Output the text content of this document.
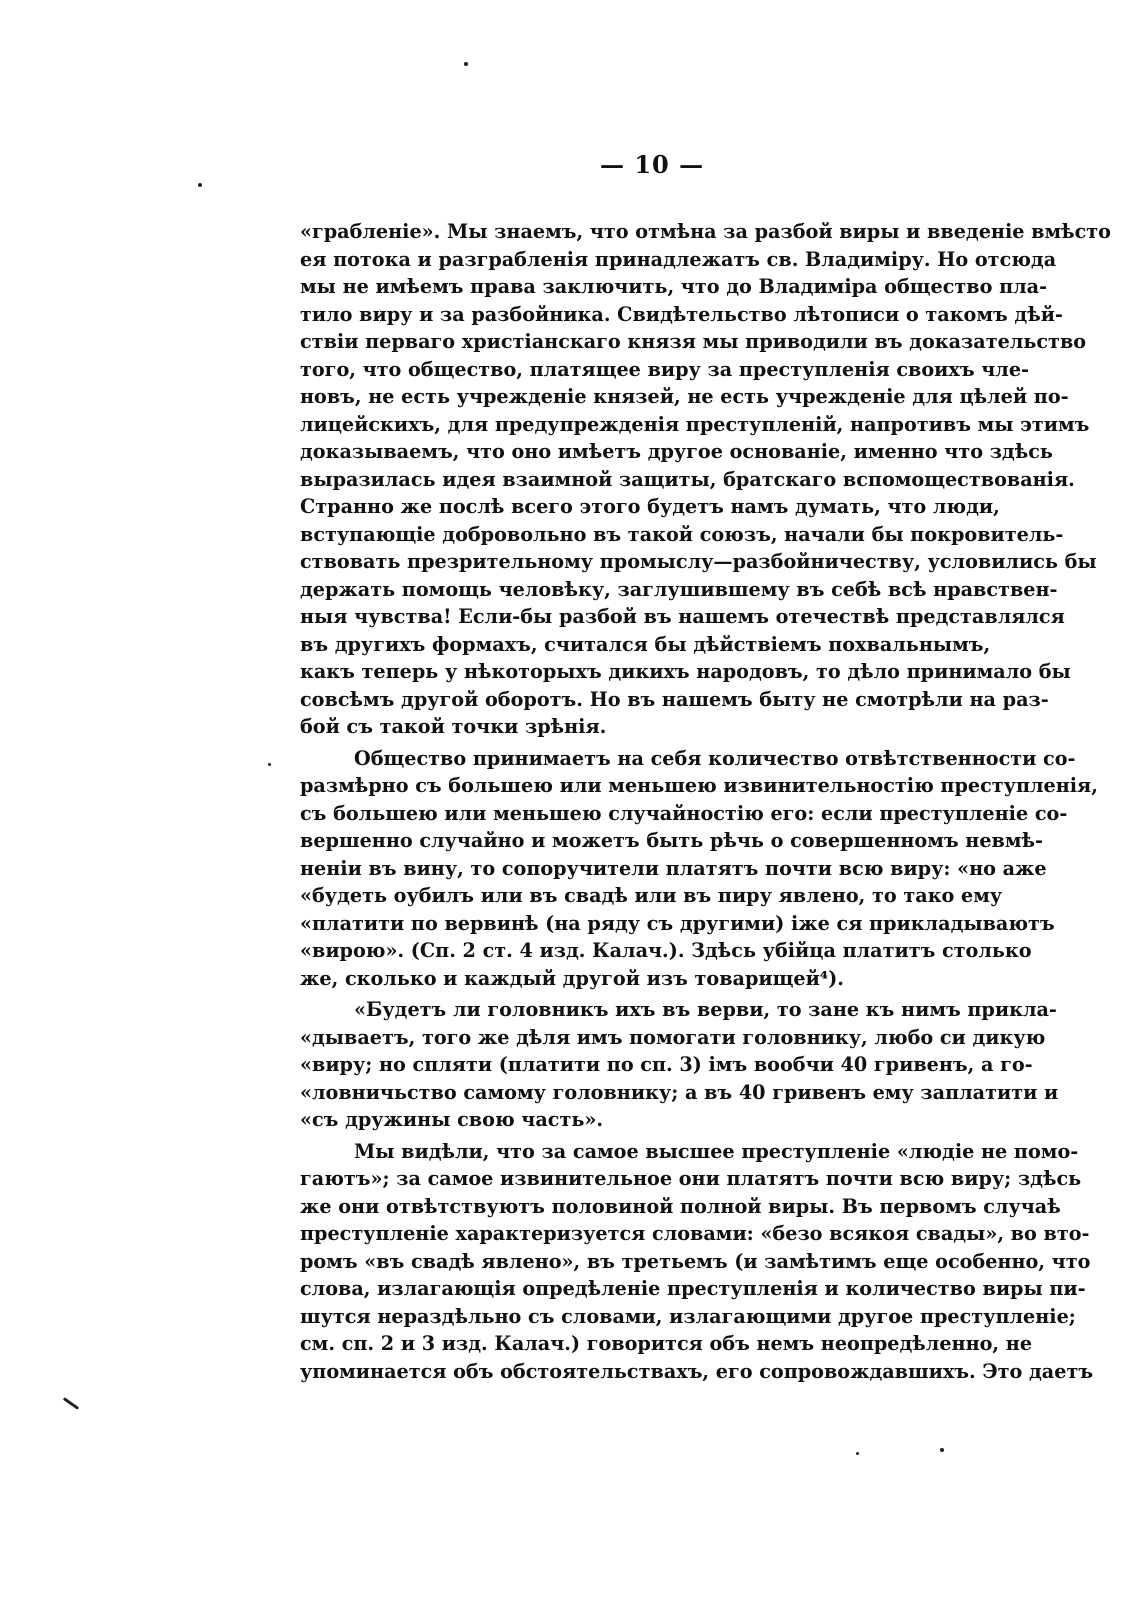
— 10 —
«грабленіе». Мы знаемъ, что отмѣна за разбой виры и введеніе вмѣсто
ея потока и разграбленія принадлежатъ св. Владиміру. Но отсюда
мы не имѣемъ права заключить, что до Владиміра общество пла-
тило виру и за разбойника. Свидѣтельство лѣтописи о такомъ дѣй-
ствіи перваго христіанскаго князя мы приводили въ доказательство
того, что общество, платящее виру за преступленія своихъ чле-
новъ, не есть учрежденіе князей, не есть учрежденіе для цѣлей по-
лицейскихъ, для предупрежденія преступленій, напротивъ мы этимъ
доказываемъ, что оно имѣетъ другое основаніе, именно что здѣсь
выразилась идея взаимной защиты, братскаго вспомоществованія.
Странно же послѣ всего этого будетъ намъ думать, что люди,
вступающіе добровольно въ такой союзъ, начали бы покровитель-
ствовать презрительному промыслу—разбойничеству, условились бы
держать помощь человѣку, заглушившему въ себѣ всѣ нравствен-
ныя чувства! Если-бы разбой въ нашемъ отечествѣ представлялся
въ другихъ формахъ, считался бы дѣйствіемъ похвальнымъ,
какъ теперь у нѣкоторыхъ дикихъ народовъ, то дѣло принимало бы
совсѣмъ другой оборотъ. Но въ нашемъ быту не смотрѣли на раз-
бой съ такой точки зрѣнія.
Общество принимаетъ на себя количество отвѣтственности со-
размѣрно съ большею или меньшею извинительностію преступленія,
съ большею или меньшею случайностію его: если преступленіе со-
вершенно случайно и можетъ быть рѣчь о совершенномъ невмѣ-
неніи въ вину, то сопоручители платятъ почти всю виру: «но аже
«будеть оубилъ или въ свадѣ или въ пиру явлено, то тако ему
«платити по вервинѣ (на ряду съ другими) іже ся прикладываютъ
«вирою». (Сп. 2 ст. 4 изд. Калач.). Здѣсь убійца платитъ столько
же, сколько и каждый другой изъ товарищей⁴).
«Будетъ ли головникъ ихъ въ верви, то зане къ нимъ прикла-
«дываетъ, того же дѣля имъ помогати головнику, любо си дикую
«виру; но спляти (платити по сп. 3) імъ вообчи 40 гривенъ, а го-
«ловничьство самому головнику; а въ 40 гривенъ ему заплатити и
«съ дружины свою часть».
Мы видѣли, что за самое высшее преступленіе «людіе не помо-
гаютъ»; за самое извинительное они платятъ почти всю виру; здѣсь
же они отвѣтствуютъ половиной полной виры. Въ первомъ случаѣ
преступленіе характеризуется словами: «безо всякоя свады», во вто-
ромъ «въ свадѣ явлено», въ третьемъ (и замѣтимъ еще особенно, что
слова, излагающія опредѣленіе преступленія и количество виры пи-
шутся нераздѣльно съ словами, излагающими другое преступленіе;
см. сп. 2 и 3 изд. Калач.) говорится объ немъ неопредѣленно, не
упоминается объ обстоятельствахъ, его сопровождавшихъ. Это даетъ
